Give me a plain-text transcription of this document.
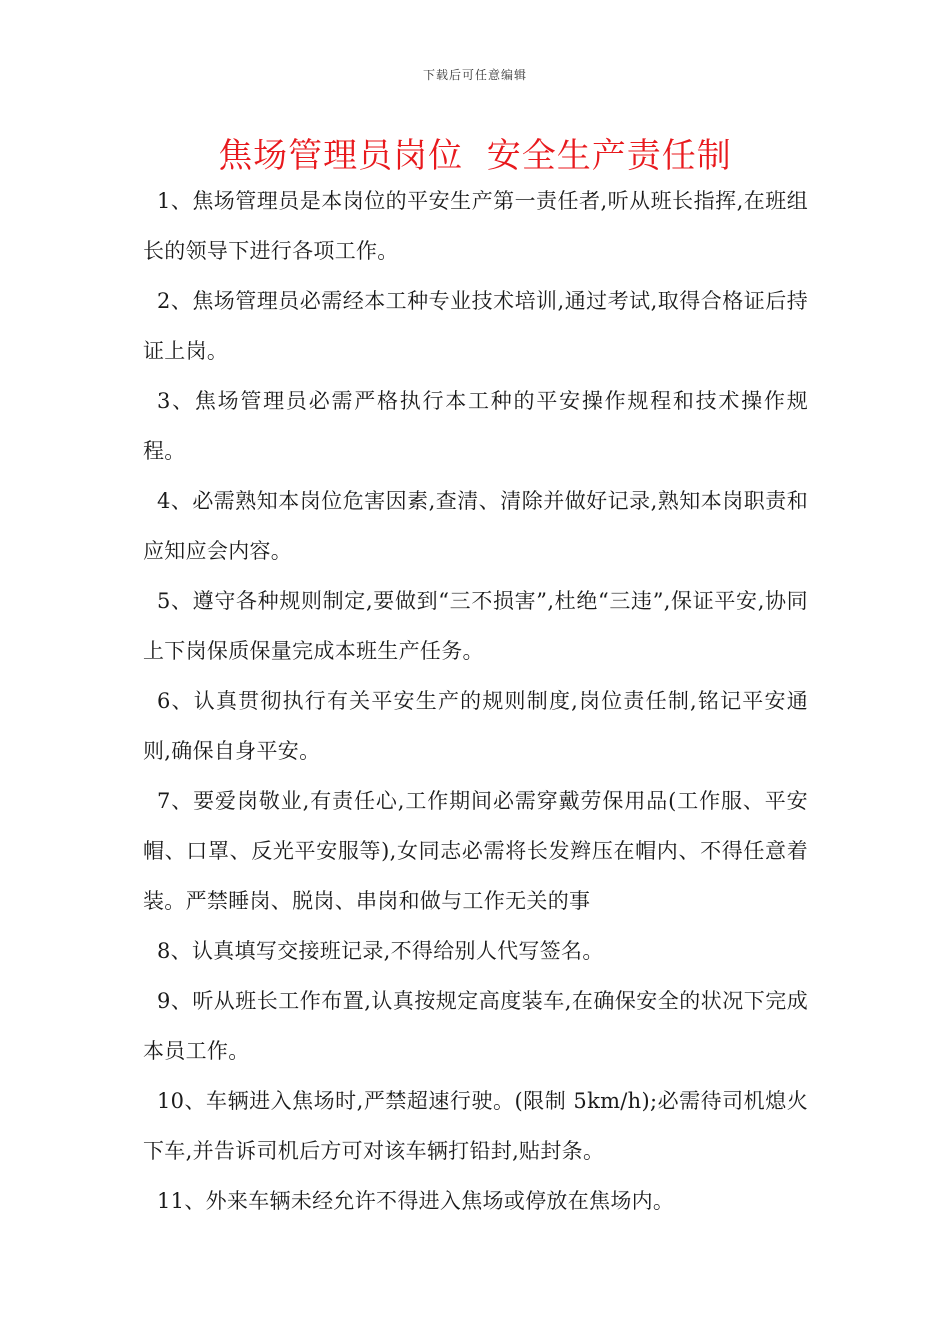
下载后可任意编辑
焦场管理员岗位  安全生产责任制

1、焦场管理员是本岗位的平安生产第一责任者,听从班长指挥,在班组长的领导下进行各项工作。

2、焦场管理员必需经本工种专业技术培训,通过考试,取得合格证后持证上岗。

3、焦场管理员必需严格执行本工种的平安操作规程和技术操作规程。

4、必需熟知本岗位危害因素,查清、清除并做好记录,熟知本岗职责和应知应会内容。

5、遵守各种规则制定,要做到“三不损害”,杜绝“三违”,保证平安,协同上下岗保质保量完成本班生产任务。

6、认真贯彻执行有关平安生产的规则制度,岗位责任制,铭记平安通则,确保自身平安。

7、要爱岗敬业,有责任心,工作期间必需穿戴劳保用品(工作服、平安帽、口罩、反光平安服等),女同志必需将长发辫压在帽内、不得任意着装。严禁睡岗、脱岗、串岗和做与工作无关的事

8、认真填写交接班记录,不得给别人代写签名。

9、听从班长工作布置,认真按规定高度装车,在确保安全的状况下完成本员工作。

10、车辆进入焦场时,严禁超速行驶。(限制 5km/h);必需待司机熄火下车,并告诉司机后方可对该车辆打铅封,贴封条。

11、外来车辆未经允许不得进入焦场或停放在焦场内。
